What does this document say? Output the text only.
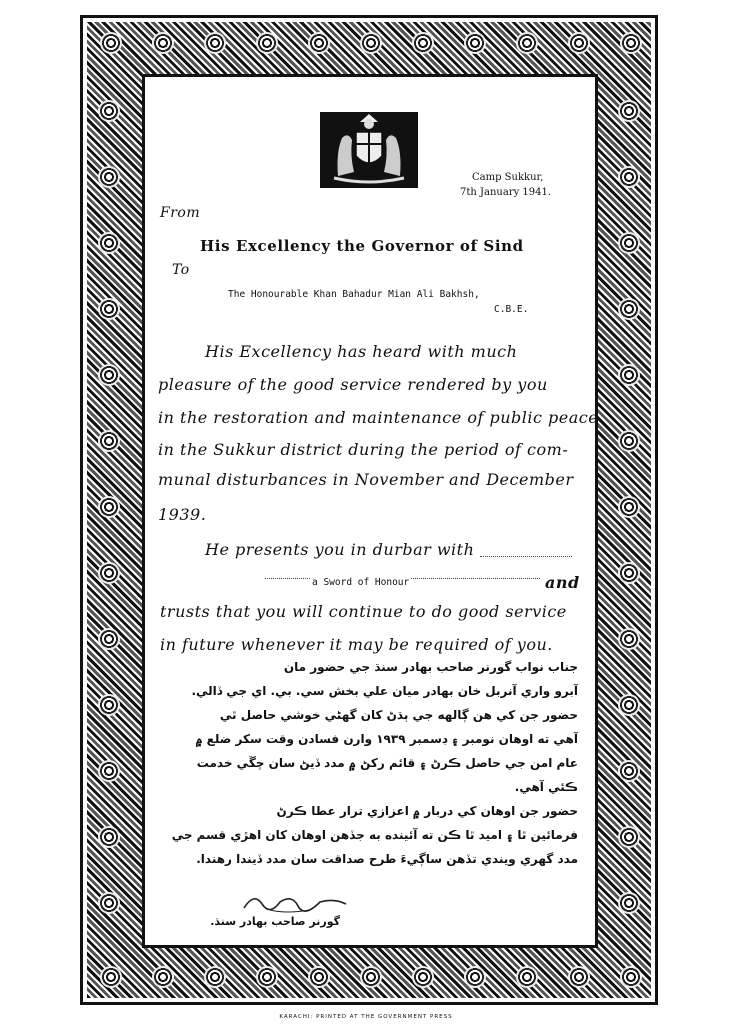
Camp Sukkur,
7th January 1941.
From
His Excellency the Governor of Sind
To
The Honourable Khan Bahadur Mian Ali Bakhsh,
C.B.E.
His Excellency has heard with much
pleasure of the good service rendered by you
in the restoration and maintenance of public peace
in the Sukkur district during the period of com-
munal disturbances in November and December
1939.
He presents you in durbar with
a Sword of Honour	and
trusts that you will continue to do good service
in future whenever it may be required of you.
جناب نواب گورنر صاحب بهادر سنڌ جي حضور مان
آبرو واري آنربل خان بهادر ميان علي بخش سي. بي. اي جي ڏالي.
حضور جن کي هن ڳالهه جي ٻڌڻ کان گهڻي خوشي حاصل ٿي
آهي ته اوهان نومبر ۽ ڊسمبر ١٩٣٩ وارن فسادن وقت سکر ضلع ۾
عام امن جي حاصل ڪرڻ ۽ قائم رکڻ ۾ مدد ڏيڻ سان چڱي خدمت
ڪئي آهي.
حضور جن اوهان کي دربار ۾ اعزازي ترار عطا ڪرڻ
فرمائين ٿا ۽ اميد ٿا ڪن ته آئينده به جڏهن اوهان کان اهڙي قسم جي
مدد گهري ويندي تڏهن ساڳيءَ طرح صداقت سان مدد ڏيندا رهندا.
گورنر صاحب بهادر سنڌ.
KARACHI: PRINTED AT THE GOVERNMENT PRESS
